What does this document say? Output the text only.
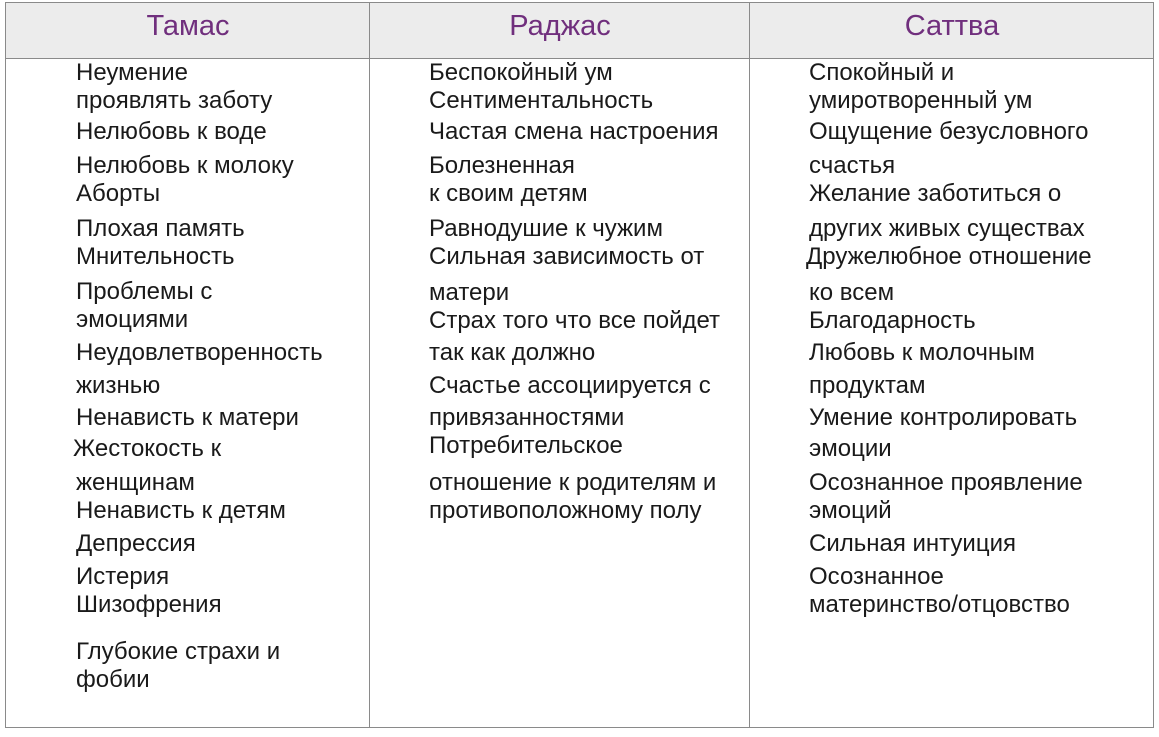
Тамас	Раджас	Саттва
Неумение
проявлять заботу
Нелюбовь к воде
Нелюбовь к молоку
Аборты
Плохая память
Мнительность
Проблемы с
эмоциями
Неудовлетворенность
жизнью
Ненависть к матери
Жестокость к
женщинам
Ненависть к детям
Депрессия
Истерия
Шизофрения
Глубокие страхи и
фобии
Беспокойный ум
Сентиментальность
Частая смена настроения
Болезненная
к своим детям
Равнодушие к чужим
Сильная зависимость от
матери
Страх того что все пойдет
так как должно
Счастье ассоциируется с
привязанностями
Потребительское
отношение к родителям и
противоположному полу
Спокойный и
умиротворенный ум
Ощущение безусловного
счастья
Желание заботиться о
других живых существах
Дружелюбное отношение
ко всем
Благодарность
Любовь к молочным
продуктам
Умение контролировать
эмоции
Осознанное проявление
эмоций
Сильная интуиция
Осознанное
материнство/отцовство
